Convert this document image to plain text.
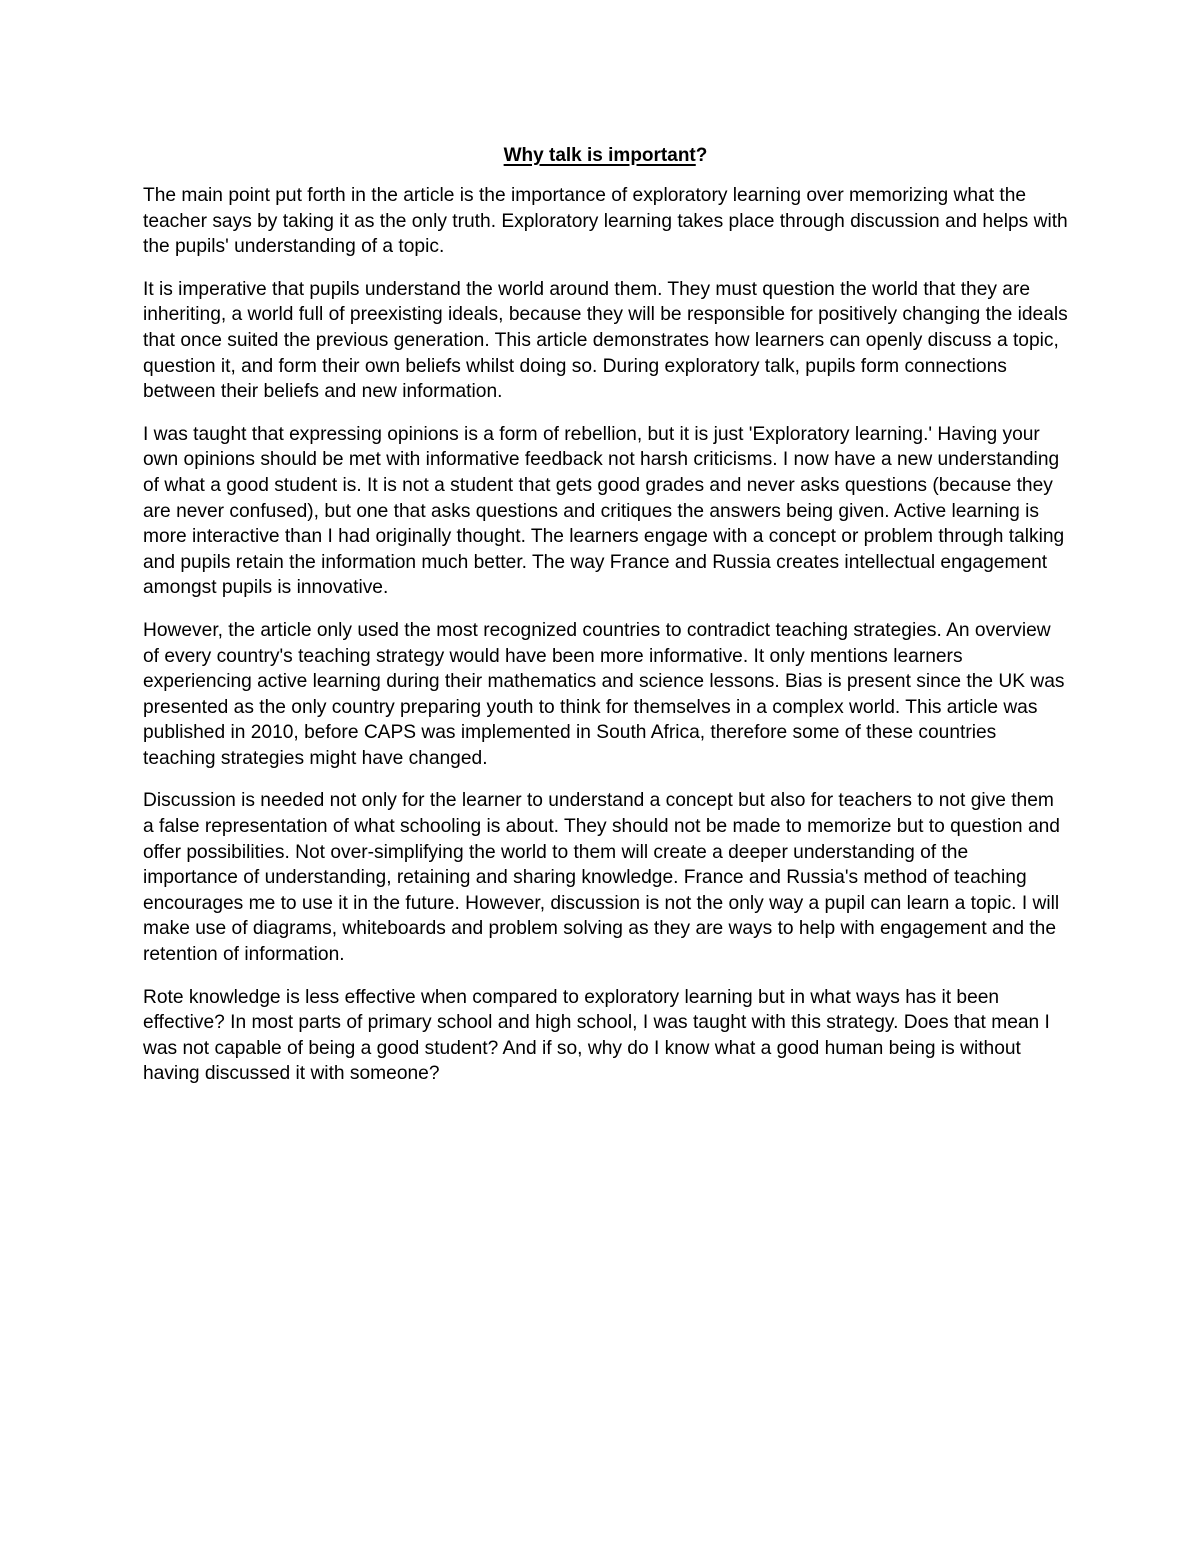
Why talk is important?

The main point put forth in the article is the importance of exploratory learning over memorizing what the teacher says by taking it as the only truth. Exploratory learning takes place through discussion and helps with the pupils' understanding of a topic.

It is imperative that pupils understand the world around them. They must question the world that they are inheriting, a world full of preexisting ideals, because they will be responsible for positively changing the ideals that once suited the previous generation. This article demonstrates how learners can openly discuss a topic, question it, and form their own beliefs whilst doing so. During exploratory talk, pupils form connections between their beliefs and new information.

I was taught that expressing opinions is a form of rebellion, but it is just 'Exploratory learning.' Having your own opinions should be met with informative feedback not harsh criticisms. I now have a new understanding of what a good student is. It is not a student that gets good grades and never asks questions (because they are never confused), but one that asks questions and critiques the answers being given. Active learning is more interactive than I had originally thought. The learners engage with a concept or problem through talking and pupils retain the information much better. The way France and Russia creates intellectual engagement amongst pupils is innovative.

However, the article only used the most recognized countries to contradict teaching strategies. An overview of every country's teaching strategy would have been more informative. It only mentions learners experiencing active learning during their mathematics and science lessons. Bias is present since the UK was presented as the only country preparing youth to think for themselves in a complex world. This article was published in 2010, before CAPS was implemented in South Africa, therefore some of these countries teaching strategies might have changed.

Discussion is needed not only for the learner to understand a concept but also for teachers to not give them a false representation of what schooling is about. They should not be made to memorize but to question and offer possibilities. Not over-simplifying the world to them will create a deeper understanding of the importance of understanding, retaining and sharing knowledge. France and Russia's method of teaching encourages me to use it in the future. However, discussion is not the only way a pupil can learn a topic. I will make use of diagrams, whiteboards and problem solving as they are ways to help with engagement and the retention of information.

Rote knowledge is less effective when compared to exploratory learning but in what ways has it been effective? In most parts of primary school and high school, I was taught with this strategy. Does that mean I was not capable of being a good student? And if so, why do I know what a good human being is without having discussed it with someone?
